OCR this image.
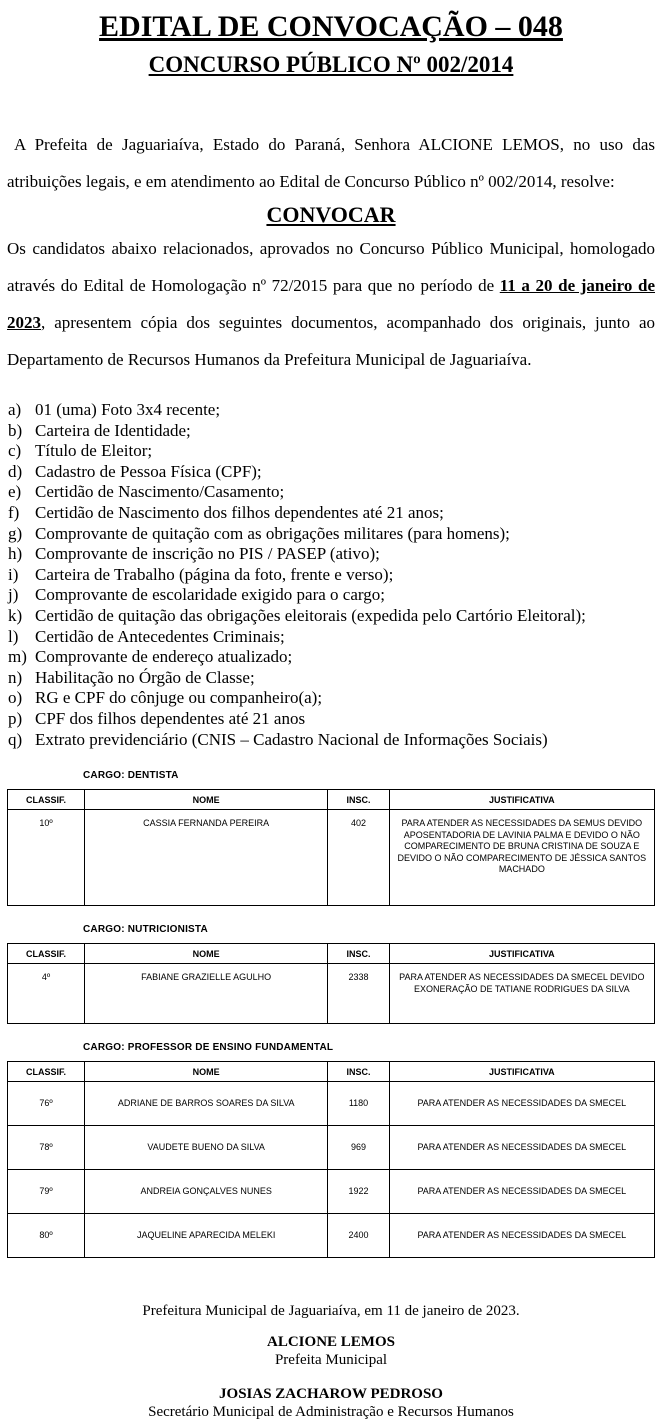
EDITAL DE CONVOCAÇÃO – 048
CONCURSO PÚBLICO Nº 002/2014

A Prefeita de Jaguariaíva, Estado do Paraná, Senhora ALCIONE LEMOS, no uso das atribuições legais, e em atendimento ao Edital de Concurso Público nº 002/2014, resolve:

CONVOCAR

Os candidatos abaixo relacionados, aprovados no Concurso Público Municipal, homologado através do Edital de Homologação nº 72/2015 para que no período de 11 a 20 de janeiro de 2023, apresentem cópia dos seguintes documentos, acompanhado dos originais, junto ao Departamento de Recursos Humanos da Prefeitura Municipal de Jaguariaíva.

a) 01 (uma) Foto 3x4 recente;
b) Carteira de Identidade;
c) Título de Eleitor;
d) Cadastro de Pessoa Física (CPF);
e) Certidão de Nascimento/Casamento;
f) Certidão de Nascimento dos filhos dependentes até 21 anos;
g) Comprovante de quitação com as obrigações militares (para homens);
h) Comprovante de inscrição no PIS / PASEP (ativo);
i) Carteira de Trabalho (página da foto, frente e verso);
j) Comprovante de escolaridade exigido para o cargo;
k) Certidão de quitação das obrigações eleitorais (expedida pelo Cartório Eleitoral);
l) Certidão de Antecedentes Criminais;
m) Comprovante de endereço atualizado;
n) Habilitação no Órgão de Classe;
o) RG e CPF do cônjuge ou companheiro(a);
p) CPF dos filhos dependentes até 21 anos
q) Extrato previdenciário (CNIS – Cadastro Nacional de Informações Sociais)
CARGO: DENTISTA
CLASSIF.	NOME	INSC.	JUSTIFICATIVA
10º	CASSIA FERNANDA PEREIRA	402	PARA ATENDER AS NECESSIDADES DA SEMUS DEVIDO APOSENTADORIA DE LAVINIA PALMA E DEVIDO O NÃO COMPARECIMENTO DE BRUNA CRISTINA DE SOUZA E DEVIDO O NÃO COMPARECIMENTO DE JÉSSICA SANTOS MACHADO
CARGO: NUTRICIONISTA
CLASSIF.	NOME	INSC.	JUSTIFICATIVA
4º	FABIANE GRAZIELLE AGULHO	2338	PARA ATENDER AS NECESSIDADES DA SMECEL DEVIDO EXONERAÇÃO DE TATIANE RODRIGUES DA SILVA
CARGO: PROFESSOR DE ENSINO FUNDAMENTAL
CLASSIF.	NOME	INSC.	JUSTIFICATIVA
76º	ADRIANE DE BARROS SOARES DA SILVA	1180	PARA ATENDER AS NECESSIDADES DA SMECEL
78º	VAUDETE BUENO DA SILVA	969	PARA ATENDER AS NECESSIDADES DA SMECEL
79º	ANDREIA GONÇALVES NUNES	1922	PARA ATENDER AS NECESSIDADES DA SMECEL
80º	JAQUELINE APARECIDA MELEKI	2400	PARA ATENDER AS NECESSIDADES DA SMECEL

Prefeitura Municipal de Jaguariaíva, em 11 de janeiro de 2023.

ALCIONE LEMOS
Prefeita Municipal
JOSIAS ZACHAROW PEDROSO
Secretário Municipal de Administração e Recursos Humanos
